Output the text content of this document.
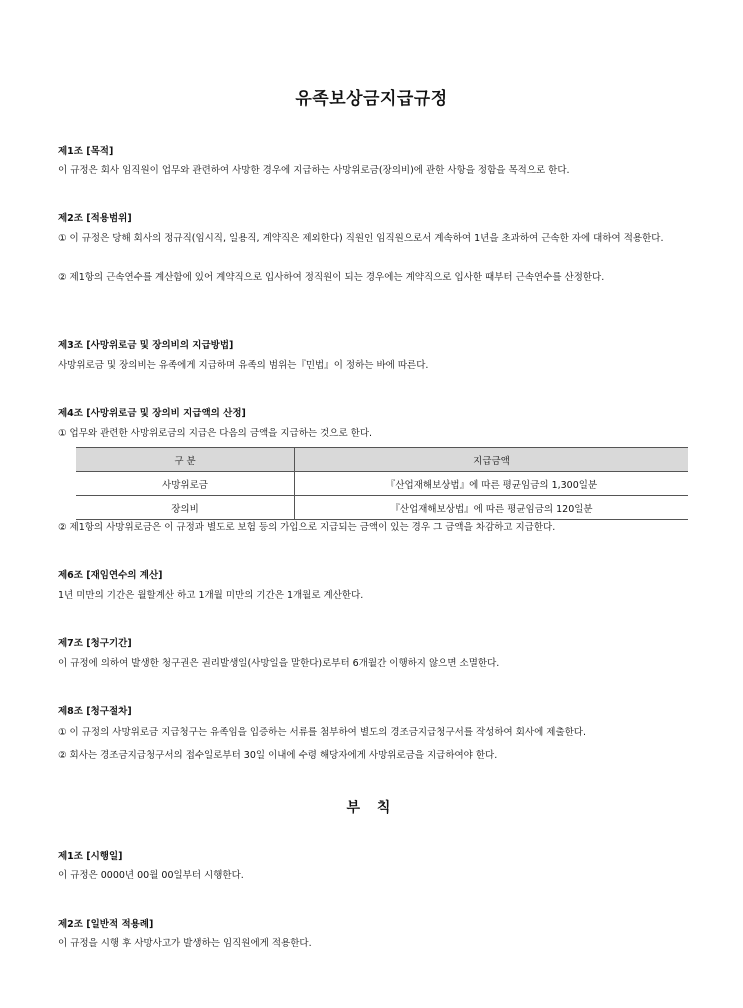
유족보상금지급규정
제1조 [목적]
이 규정은 회사 임직원이 업무와 관련하여 사망한 경우에 지급하는 사망위로금(장의비)에 관한 사항을 정함을 목적으로 한다.
제2조 [적용범위]
① 이 규정은 당해 회사의 정규직(임시직, 일용직, 계약직은 제외한다) 직원인 임직원으로서 계속하여 1년을 초과하여 근속한 자에 대하여 적용한다.
② 제1항의 근속연수를 계산함에 있어 계약직으로 입사하여 정직원이 되는 경우에는 계약직으로 입사한 때부터 근속연수를 산정한다.
제3조 [사망위로금 및 장의비의 지급방법]
사망위로금 및 장의비는 유족에게 지급하며 유족의 범위는『민법』이 정하는 바에 따른다.
제4조 [사망위로금 및 장의비 지급액의 산정]
① 업무와 관련한 사망위로금의 지급은 다음의 금액을 지급하는 것으로 한다.
구 분	지급금액
사망위로금	『산업재해보상법』에 따른 평균임금의 1,300일분
장의비	『산업재해보상법』에 따른 평균임금의 120일분
② 제1항의 사망위로금은 이 규정과 별도로 보험 등의 가입으로 지급되는 금액이 있는 경우 그 금액을 차감하고 지급한다.
제6조 [재임연수의 계산]
1년 미만의 기간은 월할계산 하고 1개월 미만의 기간은 1개월로 계산한다.
제7조 [청구기간]
이 규정에 의하여 발생한 청구권은 권리발생일(사망일을 말한다)로부터 6개월간 이행하지 않으면 소멸한다.
제8조 [청구절차]
① 이 규정의 사망위로금 지급청구는 유족임을 입증하는 서류를 첨부하여 별도의 경조금지급청구서를 작성하여 회사에 제출한다.
② 회사는 경조금지급청구서의 접수일로부터 30일 이내에 수령 해당자에게 사망위로금을 지급하여야 한다.
부 칙
제1조 [시행일]
이 규정은 0000년 00월 00일부터 시행한다.
제2조 [일반적 적용례]
이 규정을 시행 후 사망사고가 발생하는 임직원에게 적용한다.
